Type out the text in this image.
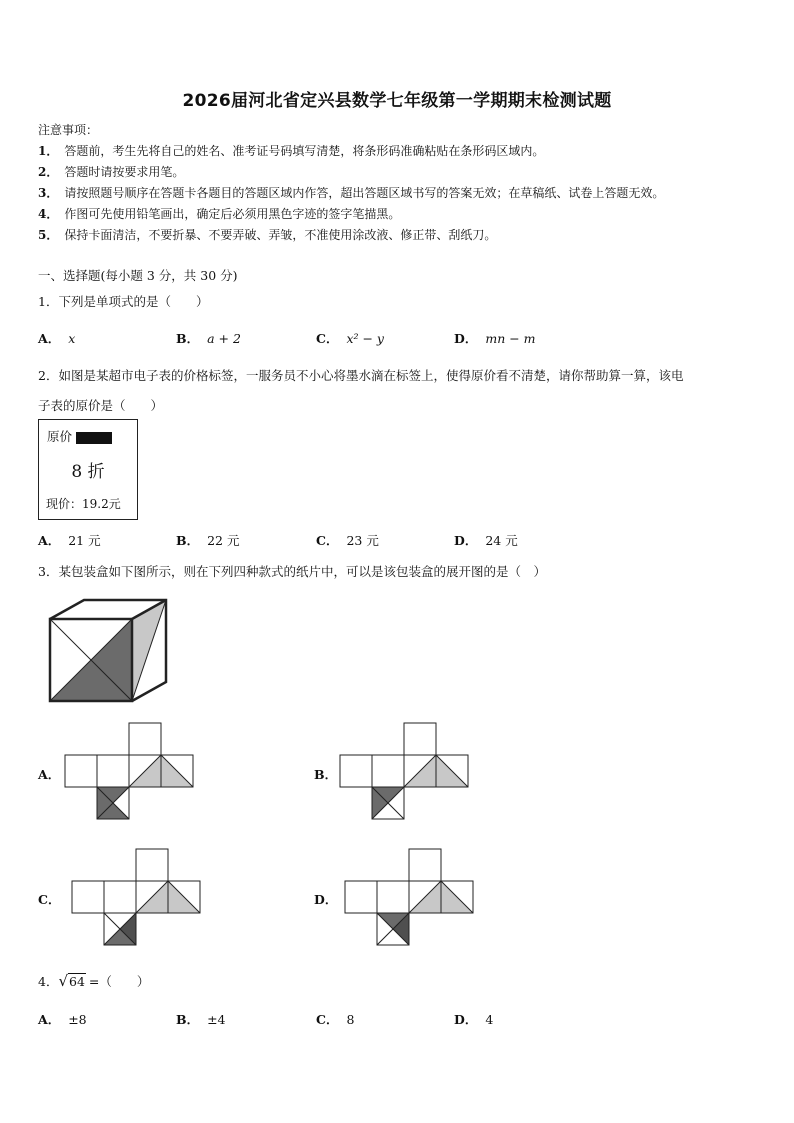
2026届河北省定兴县数学七年级第一学期期末检测试题
注意事项：
1． 答题前，考生先将自己的姓名、准考证号码填写清楚，将条形码准确粘贴在条形码区域内。
2． 答题时请按要求用笔。
3． 请按照题号顺序在答题卡各题目的答题区域内作答，超出答题区域书写的答案无效；在草稿纸、试卷上答题无效。
4． 作图可先使用铅笔画出，确定后必须用黑色字迹的签字笔描黑。
5． 保持卡面清洁，不要折暴、不要弄破、弄皱，不准使用涂改液、修正带、刮纸刀。
一、选择题(每小题 3 分，共 30 分)
1．下列是单项式的是（　　）
A． x	B． a + 2	C． x² − y	D． mn − m
2．如图是某超市电子表的价格标签，一服务员不小心将墨水滴在标签上，使得原价看不清楚，请你帮助算一算，该电
子表的原价是（　　）
原价
8 折
现价：19.2元
A． 21 元	B． 22 元	C． 23 元	D． 24 元
3．某包装盒如下图所示，则在下列四种款式的纸片中，可以是该包装盒的展开图的是（　）
A．	B．
C．	D．
4．√64 =（　　）
A． ±8	B． ±4	C． 8	D． 4
